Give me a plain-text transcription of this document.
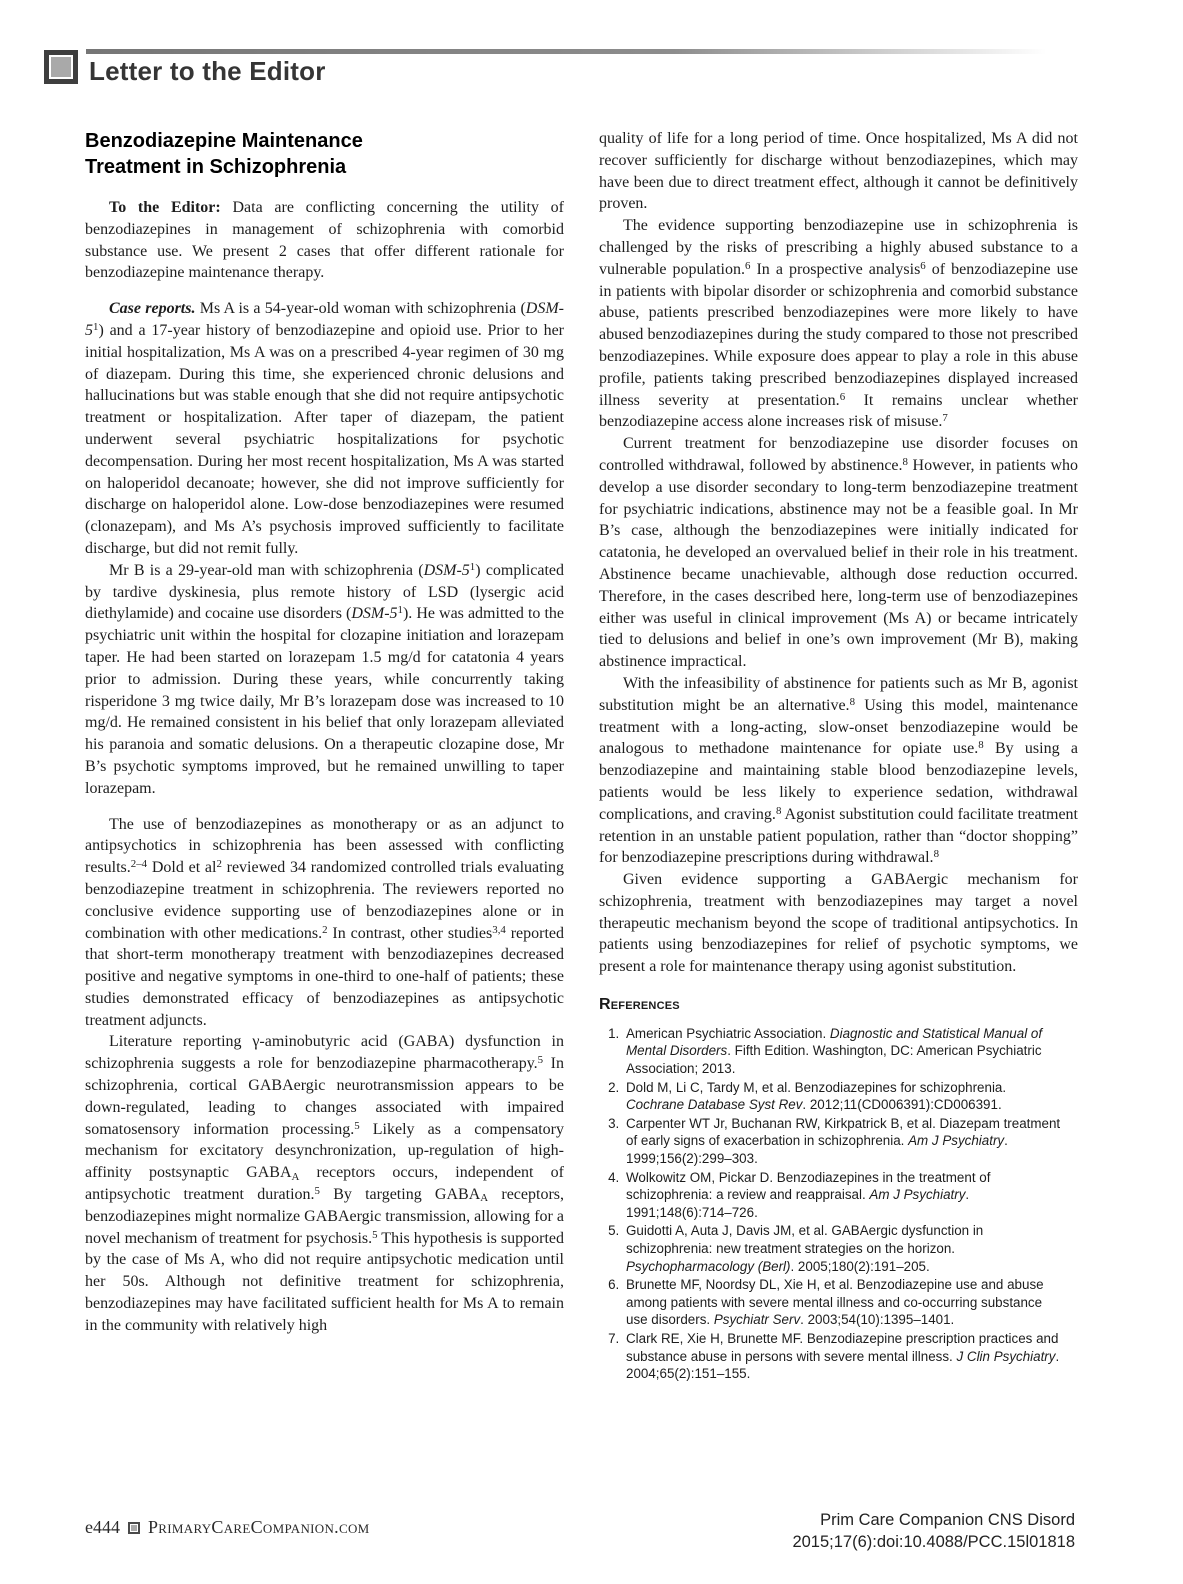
Letter to the Editor
Benzodiazepine Maintenance
Treatment in Schizophrenia

To the Editor: Data are conflicting concerning the utility of benzodiazepines in management of schizophrenia with comorbid substance use. We present 2 cases that offer different rationale for benzodiazepine maintenance therapy.

Case reports. Ms A is a 54-year-old woman with schizophrenia $(DSM-5^1)$ and a 17-year history of benzodiazepine and opioid use. Prior to her initial hospitalization, Ms A was on a prescribed 4-year regimen of 30 mg of diazepam. During this time, she experienced chronic delusions and hallucinations but was stable enough that she did not require antipsychotic treatment or hospitalization. After taper of diazepam, the patient underwent several psychiatric hospitalizations for psychotic decompensation. During her most recent hospitalization, Ms A was started on haloperidol decanoate; however, she did not improve sufficiently for discharge on haloperidol alone. Low-dose benzodiazepines were resumed (clonazepam), and Ms A’s psychosis improved sufficiently to facilitate discharge, but did not remit fully.

Mr B is a 29-year-old man with schizophrenia $(DSM-5^1)$ complicated by tardive dyskinesia, plus remote history of LSD (lysergic acid diethylamide) and cocaine use disorders $(DSM-5^1)$. He was admitted to the psychiatric unit within the hospital for clozapine initiation and lorazepam taper. He had been started on lorazepam 1.5 mg/d for catatonia 4 years prior to admission. During these years, while concurrently taking risperidone 3 mg twice daily, Mr B’s lorazepam dose was increased to 10 mg/d. He remained consistent in his belief that only lorazepam alleviated his paranoia and somatic delusions. On a therapeutic clozapine dose, Mr B’s psychotic symptoms improved, but he remained unwilling to taper lorazepam.

The use of benzodiazepines as monotherapy or as an adjunct to antipsychotics in schizophrenia has been assessed with conflicting results.$^{2-4}$ Dold et $al^2$ reviewed 34 randomized controlled trials evaluating benzodiazepine treatment in schizophrenia. The reviewers reported no conclusive evidence supporting use of benzodiazepines alone or in combination with other medications.$^2$ In contrast, other studies$^{3,4}$ reported that short-term monotherapy treatment with benzodiazepines decreased positive and negative symptoms in one-third to one-half of patients; these studies demonstrated efficacy of benzodiazepines as antipsychotic treatment adjuncts.

Literature reporting γ-aminobutyric acid (GABA) dysfunction in schizophrenia suggests a role for benzodiazepine pharmacotherapy.$^5$ In schizophrenia, cortical GABAergic neurotransmission appears to be down-regulated, leading to changes associated with impaired somatosensory information processing.$^5$ Likely as a compensatory mechanism for excitatory desynchronization, up-regulation of high-affinity postsynaptic $GABA_A$ receptors occurs, independent of antipsychotic treatment duration.$^5$ By targeting $GABA_A$ receptors, benzodiazepines might normalize GABAergic transmission, allowing for a novel mechanism of treatment for psychosis.$^5$ This hypothesis is supported by the case of Ms A, who did not require antipsychotic medication until her 50s. Although not definitive treatment for schizophrenia, benzodiazepines may have facilitated sufficient health for Ms A to remain in the community with relatively high

quality of life for a long period of time. Once hospitalized, Ms A did not recover sufficiently for discharge without benzodiazepines, which may have been due to direct treatment effect, although it cannot be definitively proven.

The evidence supporting benzodiazepine use in schizophrenia is challenged by the risks of prescribing a highly abused substance to a vulnerable population.$^6$ In a prospective analysis$^6$ of benzodiazepine use in patients with bipolar disorder or schizophrenia and comorbid substance abuse, patients prescribed benzodiazepines were more likely to have abused benzodiazepines during the study compared to those not prescribed benzodiazepines. While exposure does appear to play a role in this abuse profile, patients taking prescribed benzodiazepines displayed increased illness severity at presentation.$^6$ It remains unclear whether benzodiazepine access alone increases risk of misuse.$^7$

Current treatment for benzodiazepine use disorder focuses on controlled withdrawal, followed by abstinence.$^8$ However, in patients who develop a use disorder secondary to long-term benzodiazepine treatment for psychiatric indications, abstinence may not be a feasible goal. In Mr B’s case, although the benzodiazepines were initially indicated for catatonia, he developed an overvalued belief in their role in his treatment. Abstinence became unachievable, although dose reduction occurred. Therefore, in the cases described here, long-term use of benzodiazepines either was useful in clinical improvement (Ms A) or became intricately tied to delusions and belief in one’s own improvement (Mr B), making abstinence impractical.

With the infeasibility of abstinence for patients such as Mr B, agonist substitution might be an alternative.$^8$ Using this model, maintenance treatment with a long-acting, slow-onset benzodiazepine would be analogous to methadone maintenance for opiate use.$^8$ By using a benzodiazepine and maintaining stable blood benzodiazepine levels, patients would be less likely to experience sedation, withdrawal complications, and craving.$^8$ Agonist substitution could facilitate treatment retention in an unstable patient population, rather than “doctor shopping” for benzodiazepine prescriptions during withdrawal.$^8$

Given evidence supporting a GABAergic mechanism for schizophrenia, treatment with benzodiazepines may target a novel therapeutic mechanism beyond the scope of traditional antipsychotics. In patients using benzodiazepines for relief of psychotic symptoms, we present a role for maintenance therapy using agonist substitution.

References
1. American Psychiatric Association. Diagnostic and Statistical Manual of Mental Disorders. Fifth Edition. Washington, DC: American Psychiatric Association; 2013.
2. Dold M, Li C, Tardy M, et al. Benzodiazepines for schizophrenia. Cochrane Database Syst Rev. 2012;11(CD006391):CD006391.
3. Carpenter WT Jr, Buchanan RW, Kirkpatrick B, et al. Diazepam treatment of early signs of exacerbation in schizophrenia. Am J Psychiatry. 1999;156(2):299–303.
4. Wolkowitz OM, Pickar D. Benzodiazepines in the treatment of schizophrenia: a review and reappraisal. Am J Psychiatry. 1991;148(6):714–726.
5. Guidotti A, Auta J, Davis JM, et al. GABAergic dysfunction in schizophrenia: new treatment strategies on the horizon. Psychopharmacology (Berl). 2005;180(2):191–205.
6. Brunette MF, Noordsy DL, Xie H, et al. Benzodiazepine use and abuse among patients with severe mental illness and co-occurring substance use disorders. Psychiatr Serv. 2003;54(10):1395–1401.
7. Clark RE, Xie H, Brunette MF. Benzodiazepine prescription practices and substance abuse in persons with severe mental illness. J Clin Psychiatry. 2004;65(2):151–155.
e444 PrimaryCareCompanion.com	Prim Care Companion CNS Disord
2015;17(6):doi:10.4088/PCC.15l01818
